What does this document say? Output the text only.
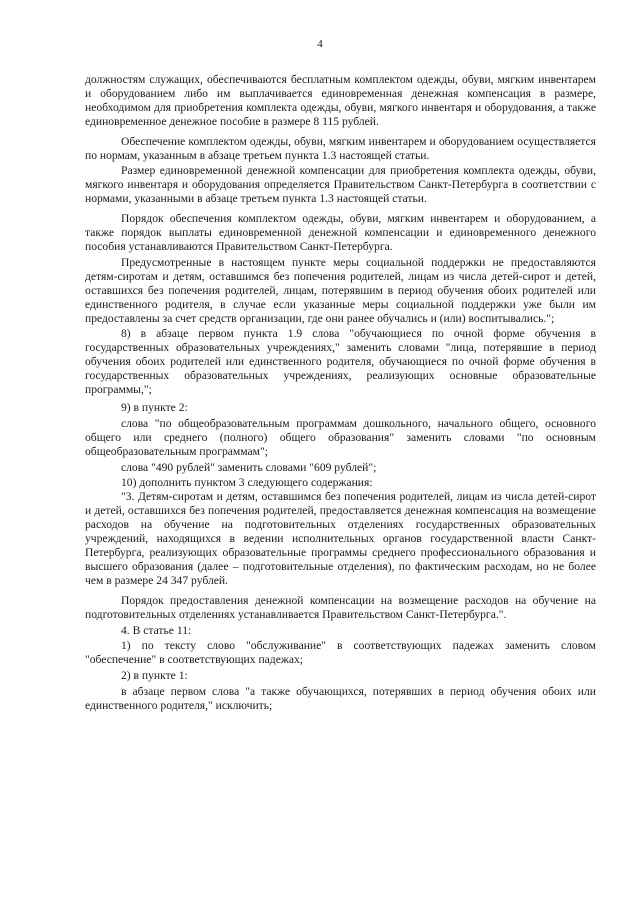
4

должностям служащих, обеспечиваются бесплатным комплектом одежды, обуви, мягким инвентарем и оборудованием либо им выплачивается единовременная денежная компенсация в размере, необходимом для приобретения комплекта одежды, обуви, мягкого инвентаря и оборудования, а также единовременное денежное пособие в размере 8 115 рублей.

Обеспечение комплектом одежды, обуви, мягким инвентарем и оборудованием осуществляется по нормам, указанным в абзаце третьем пункта 1.3 настоящей статьи.

Размер единовременной денежной компенсации для приобретения комплекта одежды, обуви, мягкого инвентаря и оборудования определяется Правительством Санкт-Петербурга в соответствии с нормами, указанными в абзаце третьем пункта 1.3 настоящей статьи.

Порядок обеспечения комплектом одежды, обуви, мягким инвентарем и оборудованием, а также порядок выплаты единовременной денежной компенсации и единовременного денежного пособия устанавливаются Правительством Санкт-Петербурга.

Предусмотренные в настоящем пункте меры социальной поддержки не предоставляются детям-сиротам и детям, оставшимся без попечения родителей, лицам из числа детей-сирот и детей, оставшихся без попечения родителей, лицам, потерявшим в период обучения обоих родителей или единственного родителя, в случае если указанные меры социальной поддержки уже были им предоставлены за счет средств организации, где они ранее обучались и (или) воспитывались.";

8) в абзаце первом пункта 1.9 слова "обучающиеся по очной форме обучения в государственных образовательных учреждениях," заменить словами "лица, потерявшие в период обучения обоих родителей или единственного родителя, обучающиеся по очной форме обучения в государственных образовательных учреждениях, реализующих основные образовательные программы,";

9) в пункте 2:

слова "по общеобразовательным программам дошкольного, начального общего, основного общего или среднего (полного) общего образования" заменить словами "по основным общеобразовательным программам";

слова "490 рублей" заменить словами "609 рублей";

10) дополнить пунктом 3 следующего содержания:

"3. Детям-сиротам и детям, оставшимся без попечения родителей, лицам из числа детей-сирот и детей, оставшихся без попечения родителей, предоставляется денежная компенсация на возмещение расходов на обучение на подготовительных отделениях государственных образовательных учреждений, находящихся в ведении исполнительных органов государственной власти Санкт-Петербурга, реализующих образовательные программы среднего профессионального образования и высшего образования (далее – подготовительные отделения), по фактическим расходам, но не более чем в размере 24 347 рублей.

Порядок предоставления денежной компенсации на возмещение расходов на обучение на подготовительных отделениях устанавливается Правительством Санкт-Петербурга.".

4. В статье 11:

1) по тексту слово "обслуживание" в соответствующих падежах заменить словом "обеспечение" в соответствующих падежах;

2) в пункте 1:

в абзаце первом слова "а также обучающихся, потерявших в период обучения обоих или единственного родителя," исключить;
